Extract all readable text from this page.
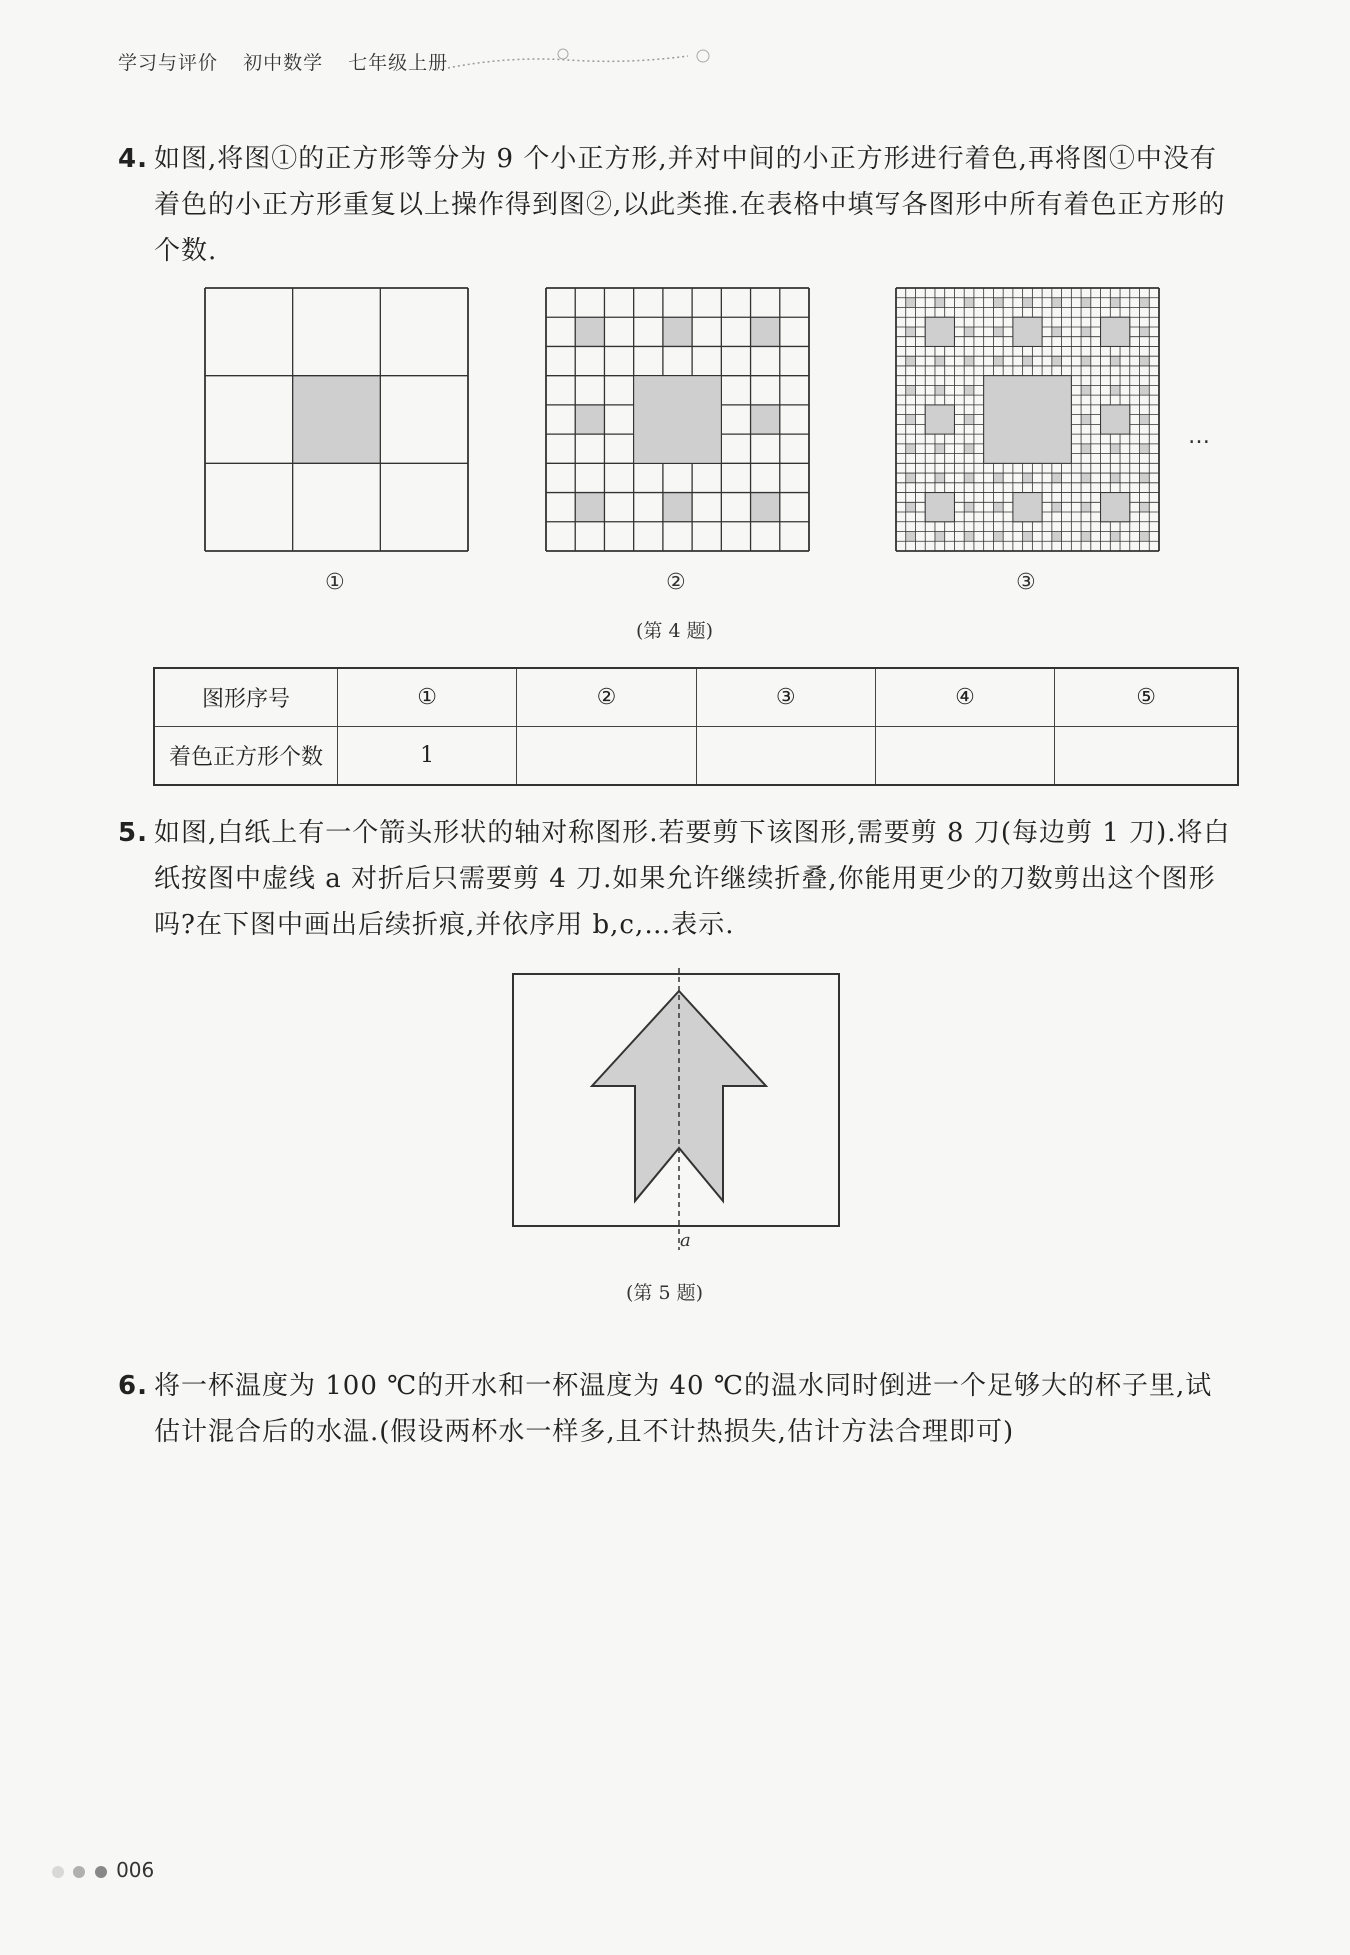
学习与评价 初中数学 七年级上册
4. 如图,将图①的正方形等分为 9 个小正方形,并对中间的小正方形进行着色,再将图①中没有着色的小正方形重复以上操作得到图②,以此类推.在表格中填写各图形中所有着色正方形的个数.
…
①	②	③
(第 4 题)
图形序号	①	②	③	④	⑤
着色正方形个数	1				
5. 如图,白纸上有一个箭头形状的轴对称图形.若要剪下该图形,需要剪 8 刀(每边剪 1 刀).将白纸按图中虚线 a 对折后只需要剪 4 刀.如果允许继续折叠,你能用更少的刀数剪出这个图形吗?在下图中画出后续折痕,并依序用 b,c,…表示.
a
(第 5 题)
6. 将一杯温度为 100 ℃的开水和一杯温度为 40 ℃的温水同时倒进一个足够大的杯子里,试估计混合后的水温.(假设两杯水一样多,且不计热损失,估计方法合理即可)
006
